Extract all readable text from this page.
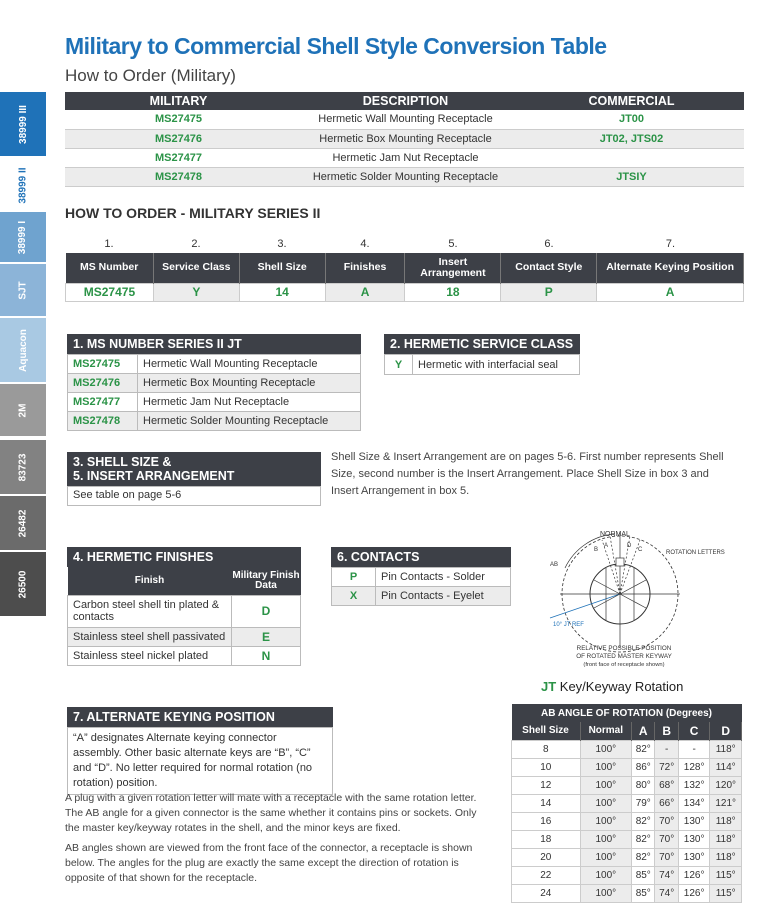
38999 III
38999 II
38999 I
SJT
Aquacon
2M
83723
26482
26500
Military to Commercial Shell Style Conversion Table
How to Order (Military)
MILITARY	DESCRIPTION	COMMERCIAL
MS27475	Hermetic Wall Mounting Receptacle	JT00
MS27476	Hermetic Box Mounting Receptacle	JT02, JTS02
MS27477	Hermetic Jam Nut Receptacle	
MS27478	Hermetic Solder Mounting Receptacle	JTSIY
HOW TO ORDER - MILITARY SERIES II
1.	2.	3.	4.	5.	6.	7.
MS Number	Service Class	Shell Size	Finishes	Insert Arrangement	Contact Style	Alternate Keying Position
MS27475	Y	14	A	18	P	A
1. MS NUMBER SERIES II JT
MS27475	Hermetic Wall Mounting Receptacle
MS27476	Hermetic Box Mounting Receptacle
MS27477	Hermetic Jam Nut Receptacle
MS27478	Hermetic Solder Mounting Receptacle
2. HERMETIC SERVICE CLASS
Y	Hermetic with interfacial seal
3. SHELL SIZE &
5. INSERT ARRANGEMENT
See table on page 5-6
Shell Size & Insert Arrangement are on pages 5-6. First number represents Shell Size, second number is the Insert Arrangement. Place Shell Size in box 3 and Insert Arrangement in box 5.
4. HERMETIC FINISHES
Finish	Military Finish Data
Carbon steel shell tin plated & contacts	D
Stainless steel shell passivated	E
Stainless steel nickel plated	N
6. CONTACTS
P	Pin Contacts - Solder
X	Pin Contacts - Eyelet
NORMAL
B
A	D
C
AB
ROTATION LETTERS
10° JT REF
RELATIVE POSSIBLE POSITION
OF ROTATED MASTER KEYWAY
(front face of receptacle shown)
JT Key/Keyway Rotation
AB ANGLE OF ROTATION (Degrees)					
Shell Size	Normal	A	B	C	D
8	100°	82°	-	-	118°
10	100°	86°	72°	128°	114°
12	100°	80°	68°	132°	120°
14	100°	79°	66°	134°	121°
16	100°	82°	70°	130°	118°
18	100°	82°	70°	130°	118°
20	100°	82°	70°	130°	118°
22	100°	85°	74°	126°	115°
24	100°	85°	74°	126°	115°
7. ALTERNATE KEYING POSITION
“A” designates Alternate keying connector assembly. Other basic alternate keys are “B”, “C” and “D”. No letter required for normal rotation (no rotation) position.
A plug with a given rotation letter will mate with a receptacle with the same rotation letter. The AB angle for a given connector is the same whether it contains pins or sockets. Only the master key/keyway rotates in the shell, and the minor keys are fixed.
AB angles shown are viewed from the front face of the connector, a receptacle is shown below. The angles for the plug are exactly the same except the direction of rotation is opposite of that shown for the receptacle.
